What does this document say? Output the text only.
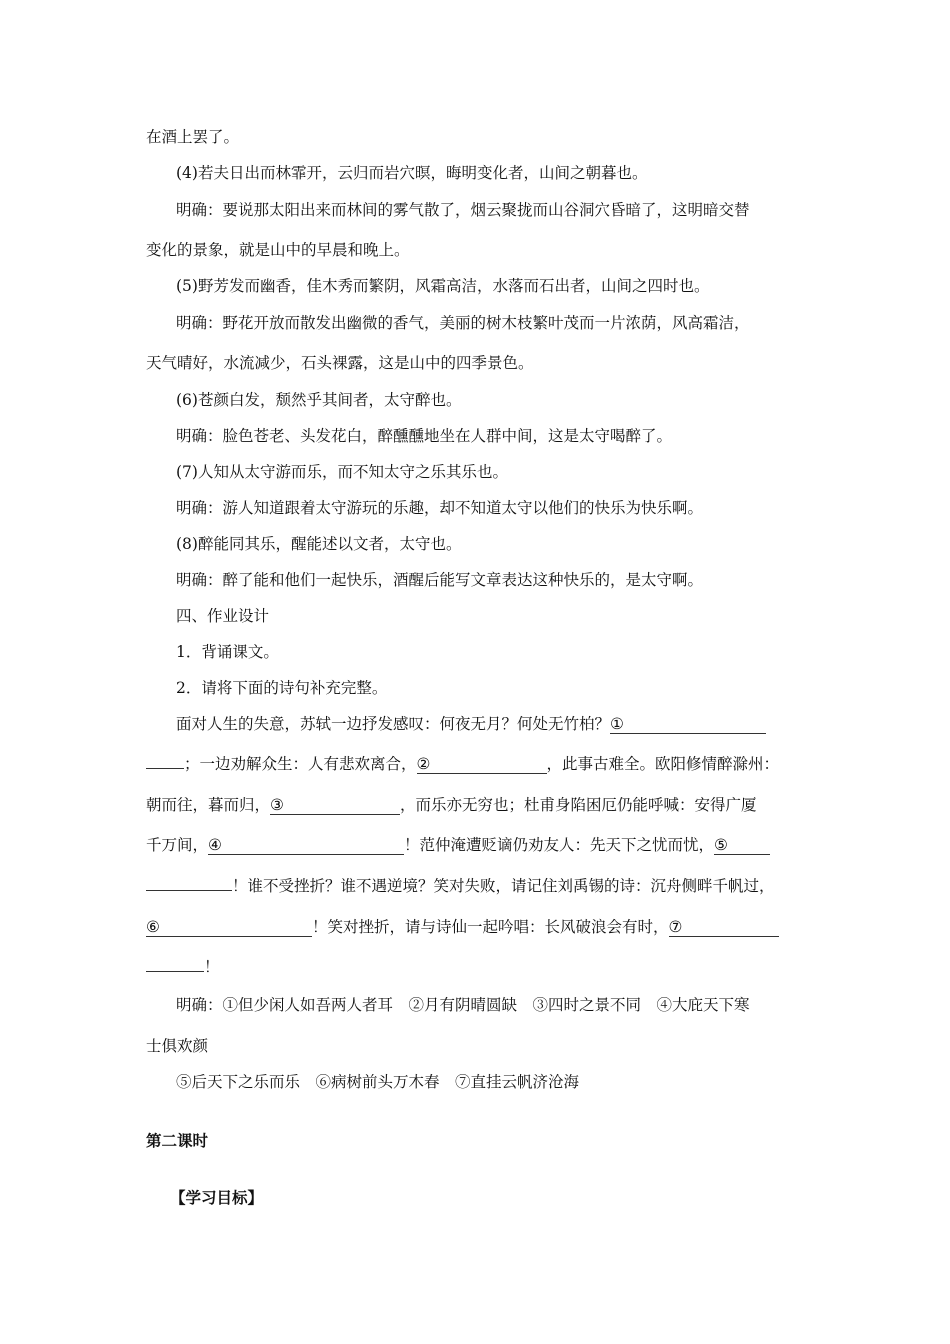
在酒上罢了。
(4)若夫日出而林霏开，云归而岩穴暝，晦明变化者，山间之朝暮也。
明确：要说那太阳出来而林间的雾气散了，烟云聚拢而山谷洞穴昏暗了，这明暗交替
变化的景象，就是山中的早晨和晚上。
(5)野芳发而幽香，佳木秀而繁阴，风霜高洁，水落而石出者，山间之四时也。
明确：野花开放而散发出幽微的香气，美丽的树木枝繁叶茂而一片浓荫，风高霜洁，
天气晴好，水流减少，石头裸露，这是山中的四季景色。
(6)苍颜白发，颓然乎其间者，太守醉也。
明确：脸色苍老、头发花白，醉醺醺地坐在人群中间，这是太守喝醉了。
(7)人知从太守游而乐，而不知太守之乐其乐也。
明确：游人知道跟着太守游玩的乐趣，却不知道太守以他们的快乐为快乐啊。
(8)醉能同其乐，醒能述以文者，太守也。
明确：醉了能和他们一起快乐，酒醒后能写文章表达这种快乐的，是太守啊。
四、作业设计
1．背诵课文。
2．请将下面的诗句补充完整。
面对人生的失意，苏轼一边抒发感叹：何夜无月？何处无竹柏？①
；一边劝解众生：人有悲欢离合，②	，此事古难全。欧阳修情醉滁州：
朝而往，暮而归，③	，而乐亦无穷也；杜甫身陷困厄仍能呼喊：安得广厦
千万间，④	！范仲淹遭贬谪仍劝友人：先天下之忧而忧，⑤
！谁不受挫折？谁不遇逆境？笑对失败，请记住刘禹锡的诗：沉舟侧畔千帆过，
⑥	！笑对挫折，请与诗仙一起吟唱：长风破浪会有时，⑦
！
明确：①但少闲人如吾两人者耳　②月有阴晴圆缺　③四时之景不同　④大庇天下寒
士俱欢颜
⑤后天下之乐而乐　⑥病树前头万木春　⑦直挂云帆济沧海
第二课时
【学习目标】
